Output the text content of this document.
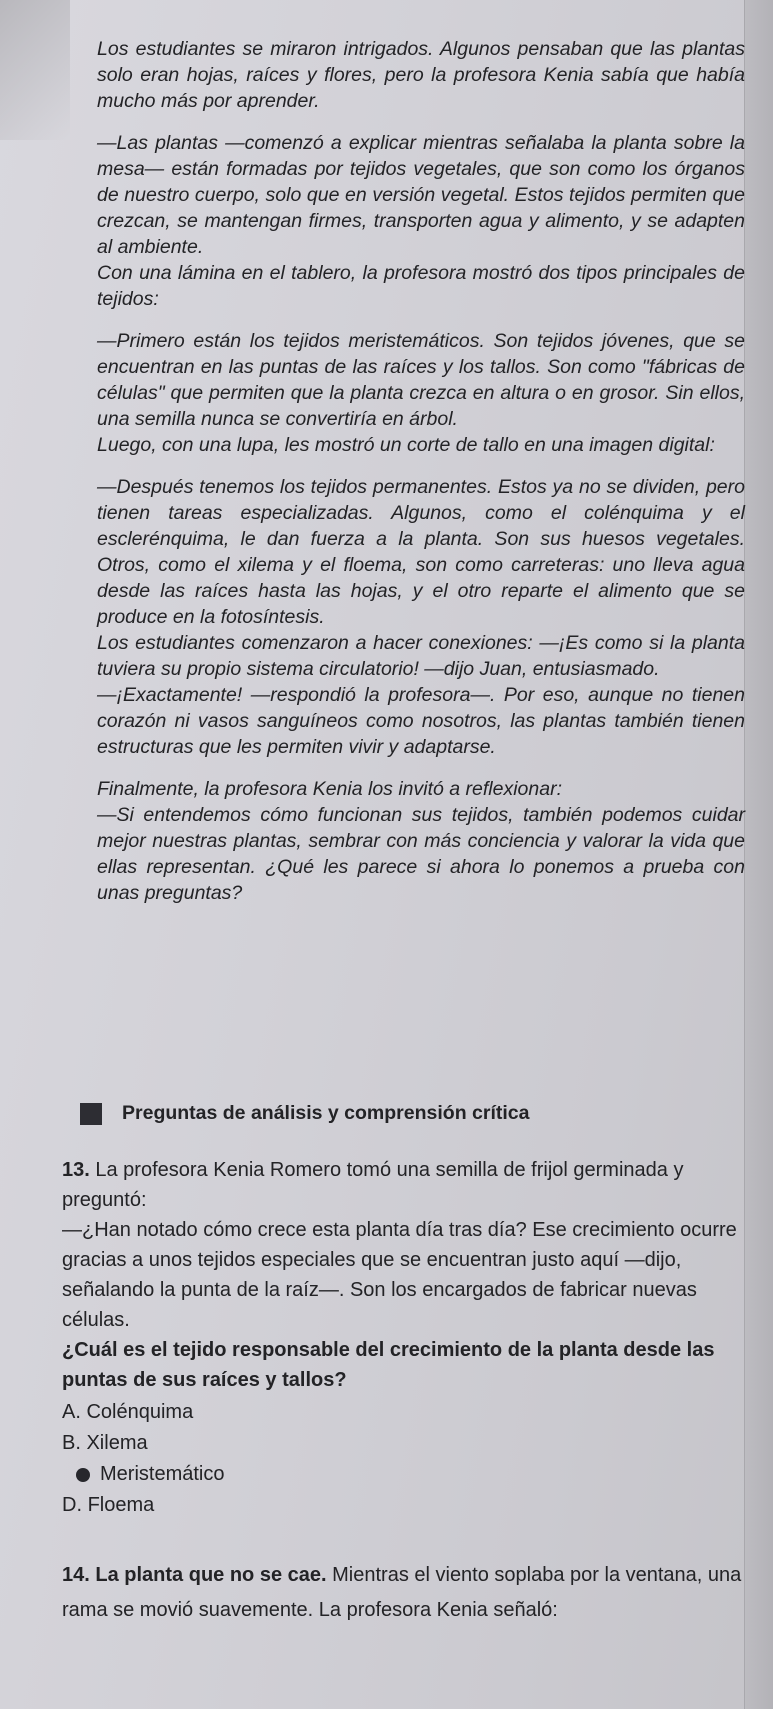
Los estudiantes se miraron intrigados. Algunos pensaban que las plantas solo eran hojas, raíces y flores, pero la profesora Kenia sabía que había mucho más por aprender.

—Las plantas —comenzó a explicar mientras señalaba la planta sobre la mesa— están formadas por tejidos vegetales, que son como los órganos de nuestro cuerpo, solo que en versión vegetal. Estos tejidos permiten que crezcan, se mantengan firmes, transporten agua y alimento, y se adapten al ambiente.

Con una lámina en el tablero, la profesora mostró dos tipos principales de tejidos:

—Primero están los tejidos meristemáticos. Son tejidos jóvenes, que se encuentran en las puntas de las raíces y los tallos. Son como "fábricas de células" que permiten que la planta crezca en altura o en grosor. Sin ellos, una semilla nunca se convertiría en árbol.

Luego, con una lupa, les mostró un corte de tallo en una imagen digital:

—Después tenemos los tejidos permanentes. Estos ya no se dividen, pero tienen tareas especializadas. Algunos, como el colénquima y el esclerénquima, le dan fuerza a la planta. Son sus huesos vegetales. Otros, como el xilema y el floema, son como carreteras: uno lleva agua desde las raíces hasta las hojas, y el otro reparte el alimento que se produce en la fotosíntesis.

Los estudiantes comenzaron a hacer conexiones: —¡Es como si la planta tuviera su propio sistema circulatorio! —dijo Juan, entusiasmado.

—¡Exactamente! —respondió la profesora—. Por eso, aunque no tienen corazón ni vasos sanguíneos como nosotros, las plantas también tienen estructuras que les permiten vivir y adaptarse.

Finalmente, la profesora Kenia los invitó a reflexionar:

—Si entendemos cómo funcionan sus tejidos, también podemos cuidar mejor nuestras plantas, sembrar con más conciencia y valorar la vida que ellas representan. ¿Qué les parece si ahora lo ponemos a prueba con unas preguntas?

Preguntas de análisis y comprensión crítica

13. La profesora Kenia Romero tomó una semilla de frijol germinada y preguntó:

—¿Han notado cómo crece esta planta día tras día? Ese crecimiento ocurre gracias a unos tejidos especiales que se encuentran justo aquí —dijo, señalando la punta de la raíz—. Son los encargados de fabricar nuevas células.

¿Cuál es el tejido responsable del crecimiento de la planta desde las puntas de sus raíces y tallos?

A.
Colénquima
B.
Xilema
Meristemático
D.
Floema

14. La planta que no se cae. Mientras el viento soplaba por la ventana, una rama se movió suavemente. La profesora Kenia señaló:
